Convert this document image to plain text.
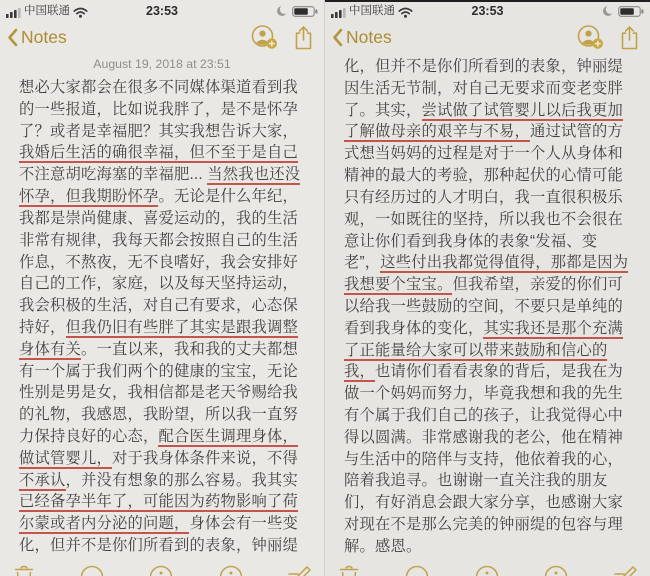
中国联通	23:53
Notes
August 19, 2018 at 23:51
想必大家都会在很多不同媒体渠道看到我
的一些报道，比如说我胖了，是不是怀孕
了？或者是幸福肥？其实我想告诉大家，
我婚后生活的确很幸福，但不至于是自己
不注意胡吃海塞的幸福肥... 当然我也还没
怀孕，但我期盼怀孕。无论是什么年纪，
我都是崇尚健康、喜爱运动的，我的生活
非常有规律，我每天都会按照自己的生活
作息，不熬夜，无不良嗜好，我会安排好
自己的工作，家庭，以及每天坚持运动，
我会积极的生活，对自己有要求，心态保
持好，但我仍旧有些胖了其实是跟我调整
身体有关。一直以来，我和我的丈夫都想
有一个属于我们两个的健康的宝宝，无论
性别是男是女，我相信都是老天爷赐给我
的礼物，我感恩，我盼望，所以我一直努
力保持良好的心态，配合医生调理身体，
做试管婴儿，对于我身体条件来说，不得
不承认，并没有想象的那么容易。我其实
已经备孕半年了，可能因为药物影响了荷
尔蒙或者内分泌的问题，身体会有一些变
化，但并不是你们所看到的表象，钟丽缇
中国联通	23:53
Notes
化，但并不是你们所看到的表象，钟丽缇
因生活无节制，对自己无要求而变老变胖
了。其实，尝试做了试管婴儿以后我更加
了解做母亲的艰辛与不易，通过试管的方
式想当妈妈的过程是对于一个人从身体和
精神的最大的考验，那种起伏的心情可能
只有经历过的人才明白，我一直很积极乐
观，一如既往的坚持，所以我也不会很在
意让你们看到我身体的表象“发福、变
老”，这些付出我都觉得值得，那都是因为
我想要个宝宝。但我希望，亲爱的你们可
以给我一些鼓励的空间，不要只是单纯的
看到我身体的变化，其实我还是那个充满
了正能量给大家可以带来鼓励和信心的
我，也请你们看看表象的背后，是我在为
做一个妈妈而努力，毕竟我想和我的先生
有个属于我们自己的孩子，让我觉得心中
得以圆满。非常感谢我的老公，他在精神
与生活中的陪伴与支持，他依着我的心，
陪着我追寻。也谢谢一直关注我的朋友
们，有好消息会跟大家分享，也感谢大家
对现在不是那么完美的钟丽缇的包容与理
解。感恩。
